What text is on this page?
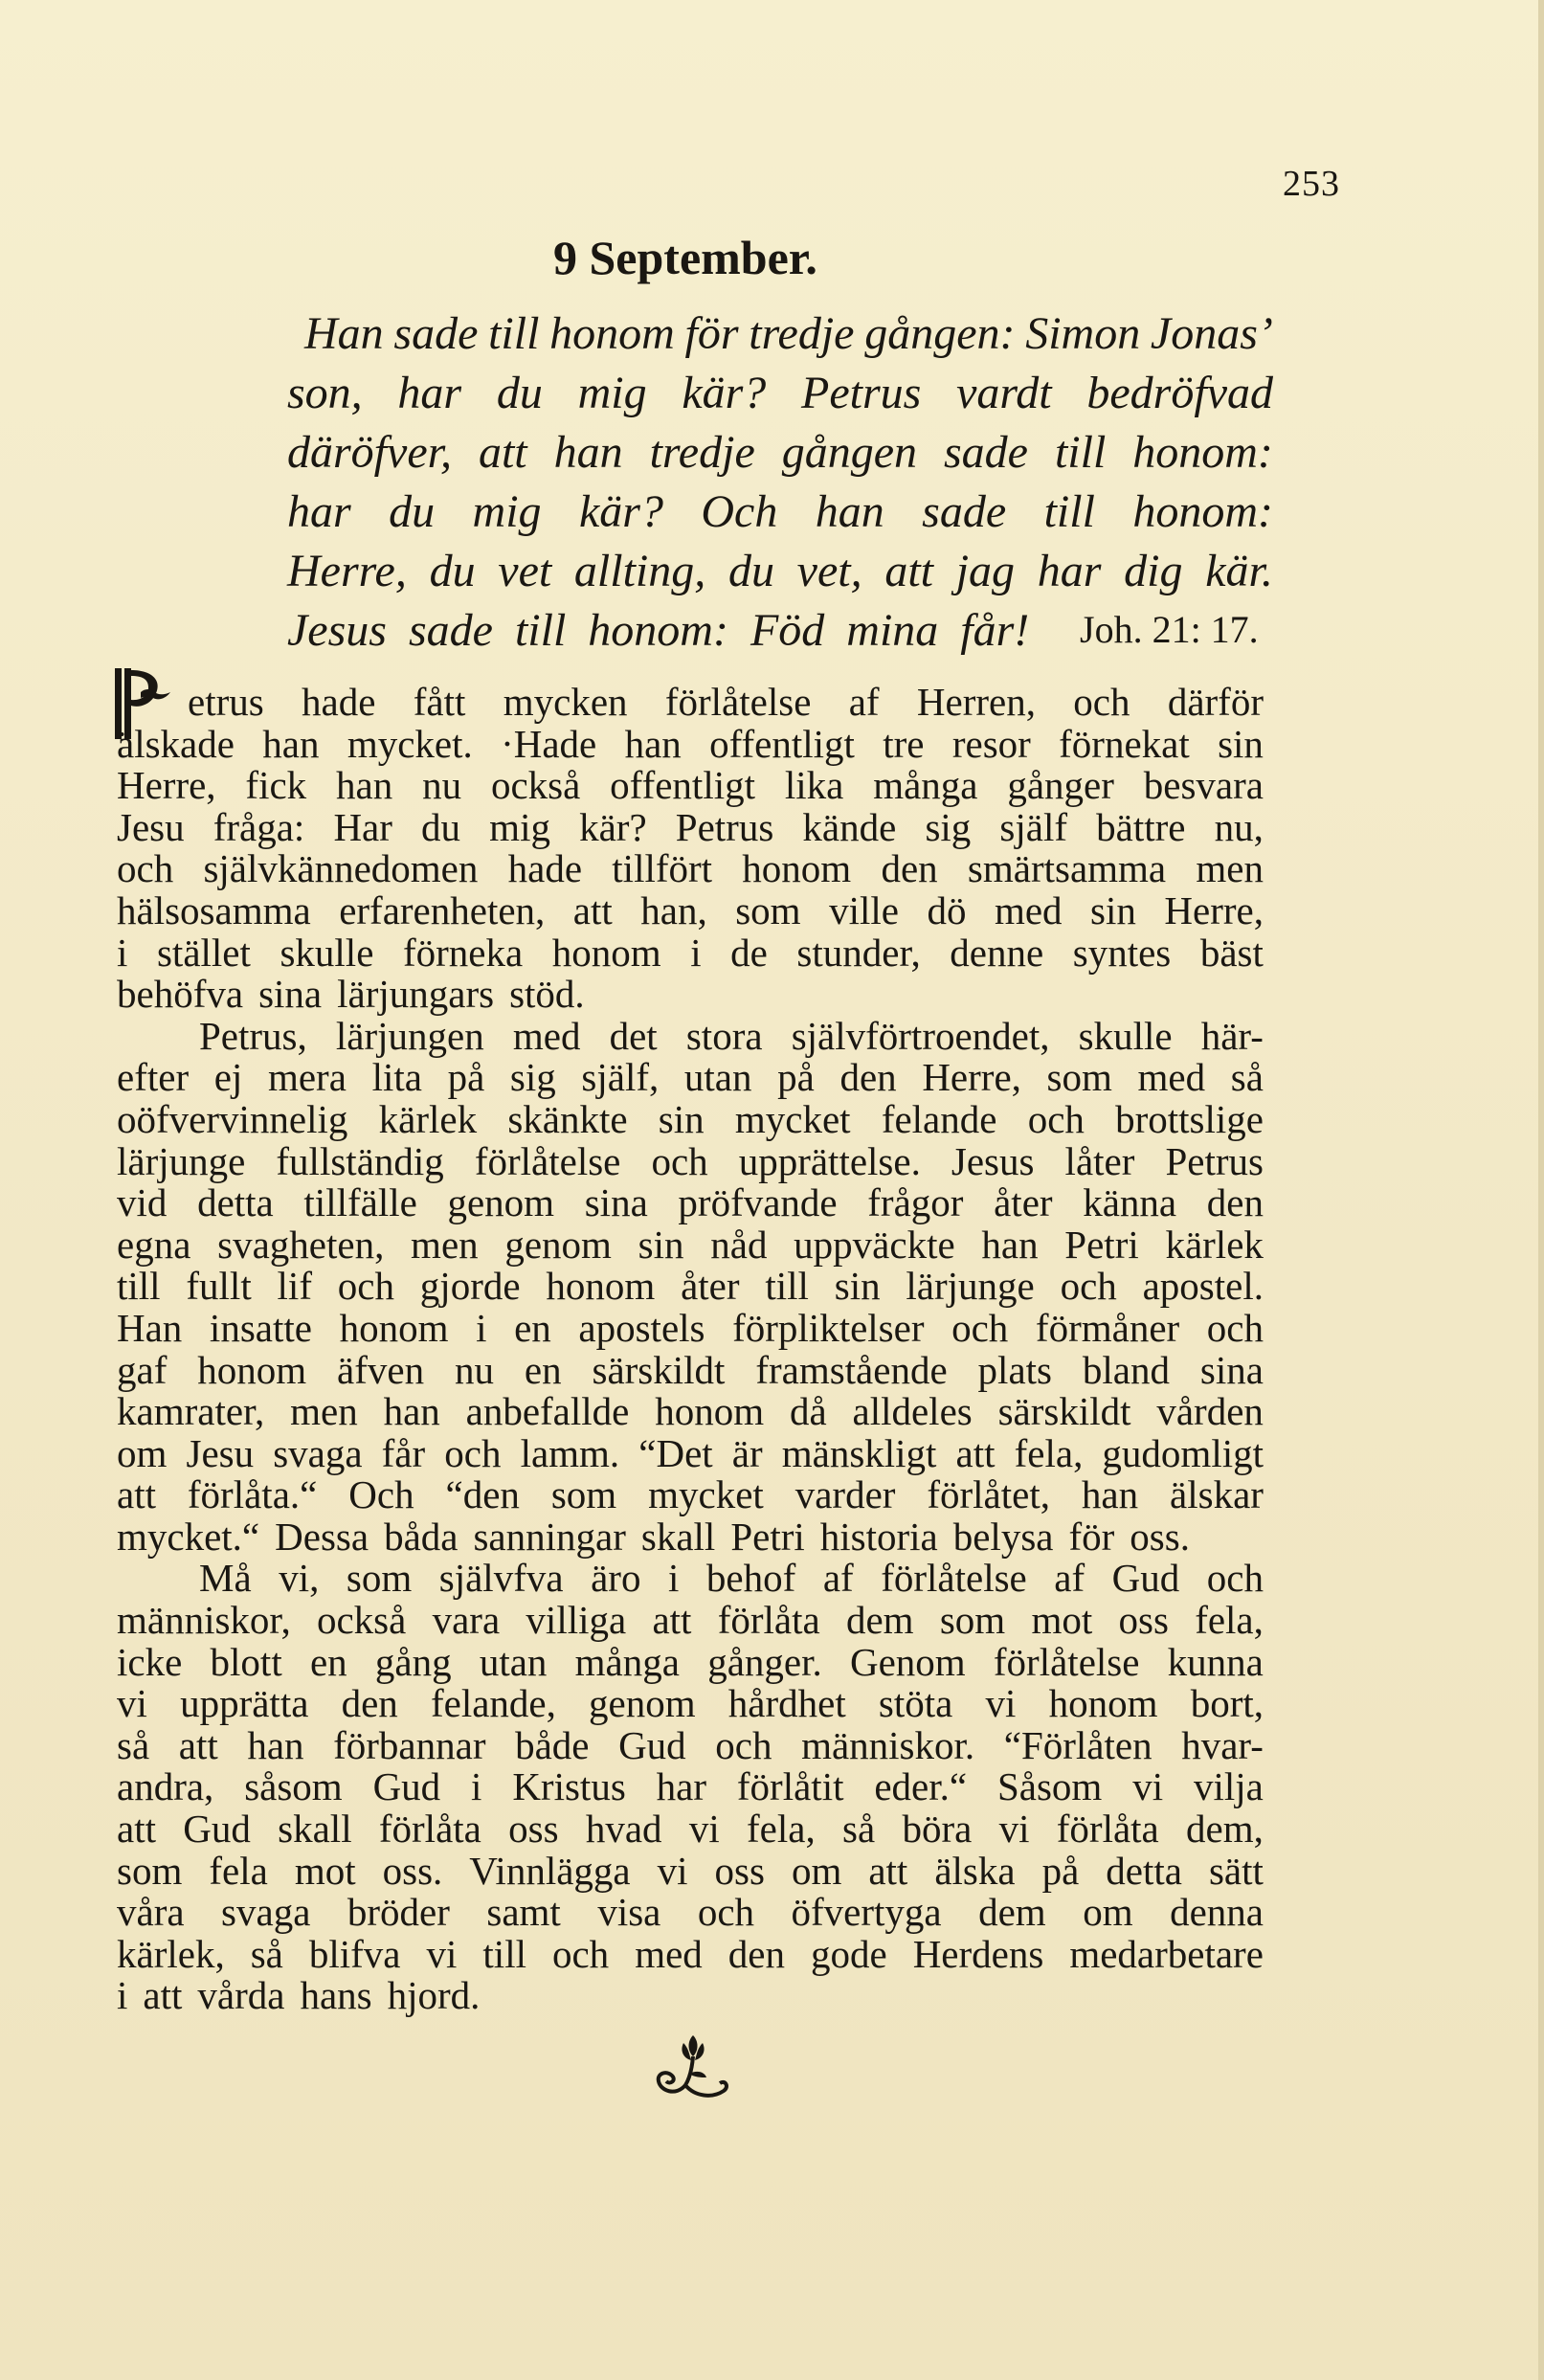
253
9 September.
Han sade till honom för tredje gången: Simon Jonas’
son, har du mig kär? Petrus vardt bedröfvad
däröfver, att han tredje gången sade till honom:
har du mig kär? Och han sade till honom:
Herre, du vet allting, du vet, att jag har dig kär.
Jesus sade till honom: Föd mina får! Joh. 21: 17.
etrus hade fått mycken förlåtelse af Herren, och därför
älskade han mycket. ·Hade han offentligt tre resor förnekat sin
Herre, fick han nu också offentligt lika många gånger besvara
Jesu fråga: Har du mig kär? Petrus kände sig själf bättre nu,
och självkännedomen hade tillfört honom den smärtsamma men
hälsosamma erfarenheten, att han, som ville dö med sin Herre,
i stället skulle förneka honom i de stunder, denne syntes bäst
behöfva sina lärjungars stöd.
Petrus, lärjungen med det stora självförtroendet, skulle här-
efter ej mera lita på sig själf, utan på den Herre, som med så
oöfvervinnelig kärlek skänkte sin mycket felande och brottslige
lärjunge fullständig förlåtelse och upprättelse. Jesus låter Petrus
vid detta tillfälle genom sina pröfvande frågor åter känna den
egna svagheten, men genom sin nåd uppväckte han Petri kärlek
till fullt lif och gjorde honom åter till sin lärjunge och apostel.
Han insatte honom i en apostels förpliktelser och förmåner och
gaf honom äfven nu en särskildt framstående plats bland sina
kamrater, men han anbefallde honom då alldeles särskildt vården
om Jesu svaga får och lamm. “Det är mänskligt att fela, gudomligt
att förlåta.“ Och “den som mycket varder förlåtet, han älskar
mycket.“ Dessa båda sanningar skall Petri historia belysa för oss.
Må vi, som självfva äro i behof af förlåtelse af Gud och
människor, också vara villiga att förlåta dem som mot oss fela,
icke blott en gång utan många gånger. Genom förlåtelse kunna
vi upprätta den felande, genom hårdhet stöta vi honom bort,
så att han förbannar både Gud och människor. “Förlåten hvar-
andra, såsom Gud i Kristus har förlåtit eder.“ Såsom vi vilja
att Gud skall förlåta oss hvad vi fela, så böra vi förlåta dem,
som fela mot oss. Vinnlägga vi oss om att älska på detta sätt
våra svaga bröder samt visa och öfvertyga dem om denna
kärlek, så blifva vi till och med den gode Herdens medarbetare
i att vårda hans hjord.
